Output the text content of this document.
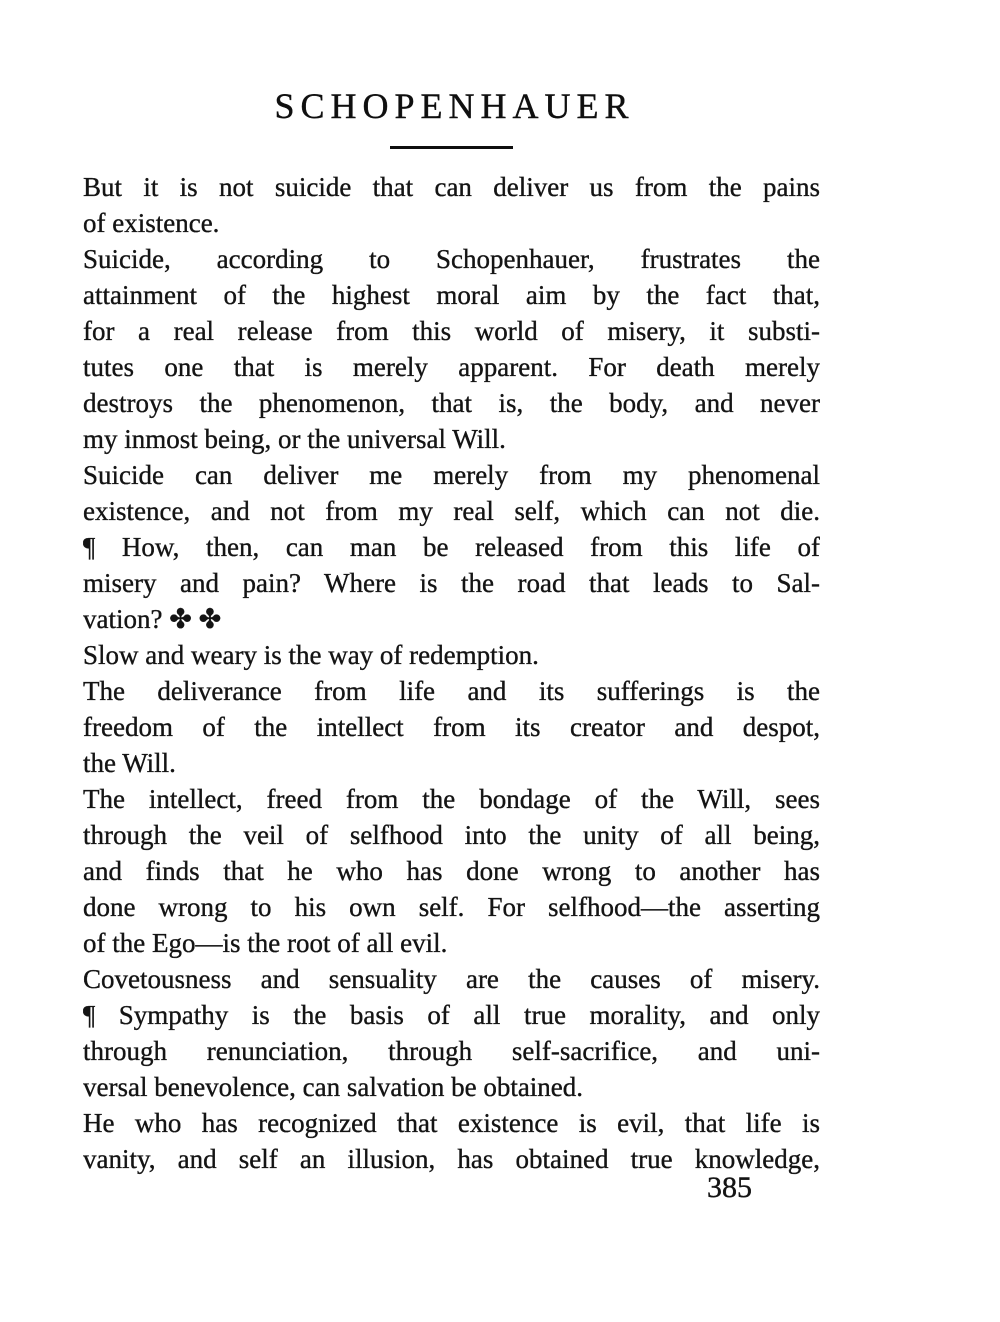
SCHOPENHAUER
But it is not suicide that can deliver us from the pains
of existence.
Suicide, according to Schopenhauer, frustrates the
attainment of the highest moral aim by the fact that,
for a real release from this world of misery, it substi-
tutes one that is merely apparent. For death merely
destroys the phenomenon, that is, the body, and never
my inmost being, or the universal Will.
Suicide can deliver me merely from my phenomenal
existence, and not from my real self, which can not die.
¶ How, then, can man be released from this life of
misery and pain? Where is the road that leads to Sal-
vation? ✤ ✤
Slow and weary is the way of redemption.
The deliverance from life and its sufferings is the
freedom of the intellect from its creator and despot,
the Will.
The intellect, freed from the bondage of the Will, sees
through the veil of selfhood into the unity of all being,
and finds that he who has done wrong to another has
done wrong to his own self. For selfhood—the asserting
of the Ego—is the root of all evil.
Covetousness and sensuality are the causes of misery.
¶ Sympathy is the basis of all true morality, and only
through renunciation, through self-sacrifice, and uni-
versal benevolence, can salvation be obtained.
He who has recognized that existence is evil, that life is
vanity, and self an illusion, has obtained true knowledge,
385
